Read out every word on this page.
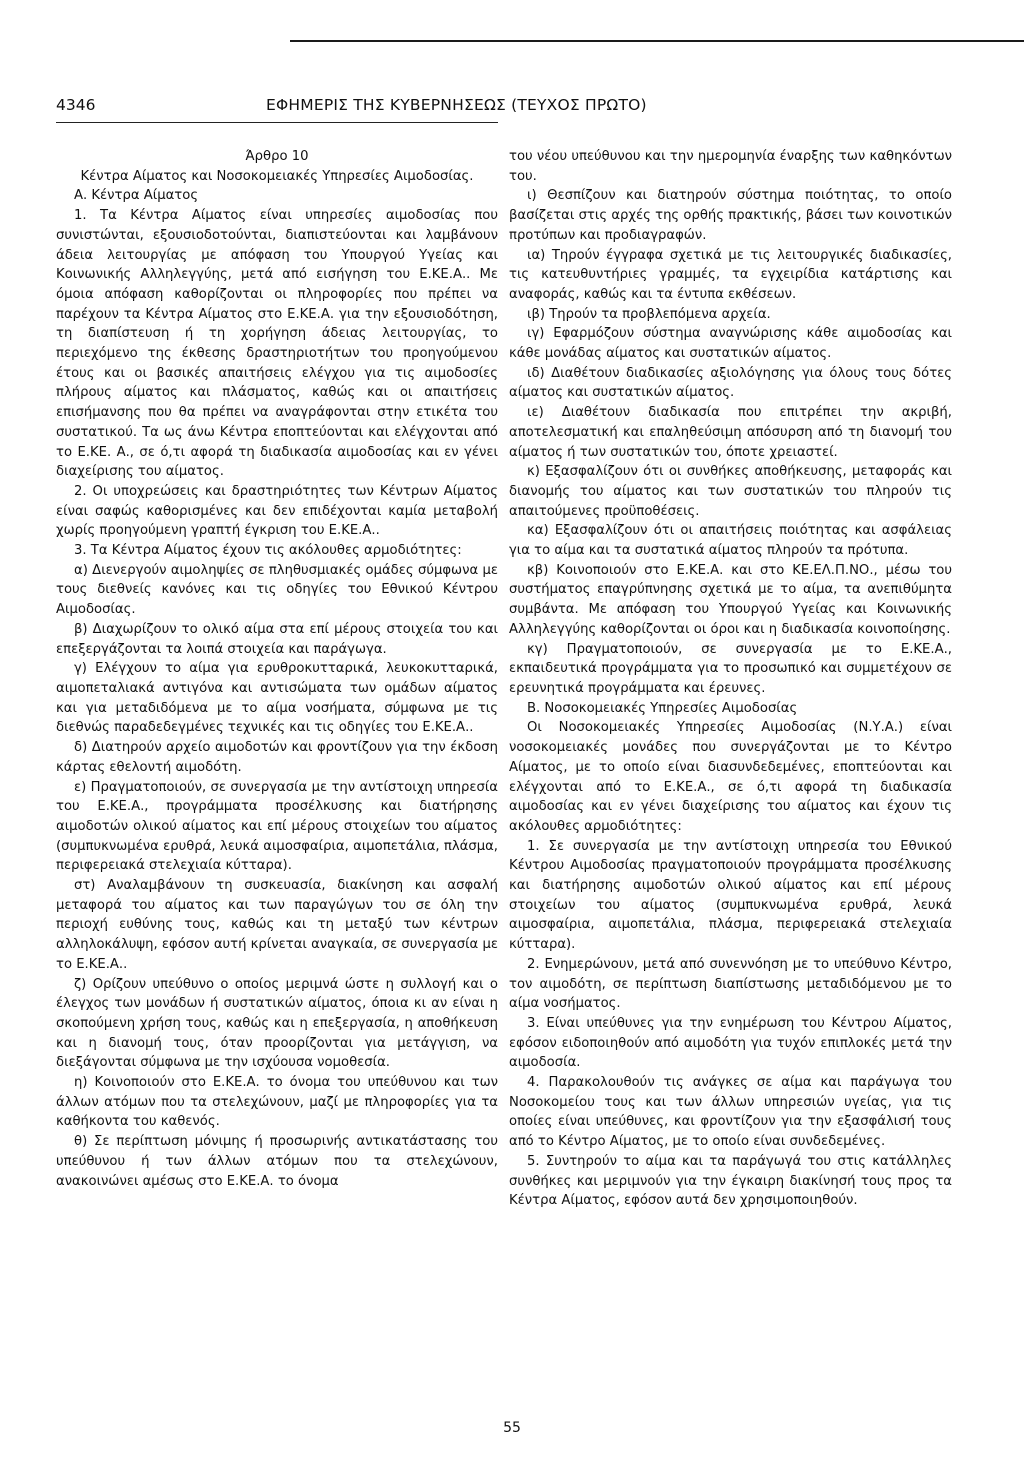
4346	ΕΦΗΜΕΡΙΣ ΤΗΣ ΚΥΒΕΡΝΗΣΕΩΣ (ΤΕΥΧΟΣ ΠΡΩΤΟ)

Άρθρο 10

Κέντρα Αίματος και Νοσοκομειακές Υπηρεσίες Αιμοδοσίας.

Α. Κέντρα Αίματος

1. Τα Κέντρα Αίματος είναι υπηρεσίες αιμοδοσίας που συνιστώνται, εξουσιοδοτούνται, διαπιστεύονται και λαμβάνουν άδεια λειτουργίας με απόφαση του Υπουργού Υγείας και Κοινωνικής Αλληλεγγύης, μετά από εισήγηση του Ε.ΚΕ.Α.. Με όμοια απόφαση καθορίζονται οι πληροφορίες που πρέπει να παρέχουν τα Κέντρα Αίματος στο Ε.ΚΕ.Α. για την εξουσιοδότηση, τη διαπίστευση ή τη χορήγηση άδειας λειτουργίας, το περιεχόμενο της έκθεσης δραστηριοτήτων του προηγούμενου έτους και οι βασικές απαιτήσεις ελέγχου για τις αιμοδοσίες πλήρους αίματος και πλάσματος, καθώς και οι απαιτήσεις επισήμανσης που θα πρέπει να αναγράφονται στην ετικέτα του συστατικού. Τα ως άνω Κέντρα εποπτεύονται και ελέγχονται από το Ε.ΚΕ. Α., σε ό,τι αφορά τη διαδικασία αιμοδοσίας και εν γένει διαχείρισης του αίματος.

2. Οι υποχρεώσεις και δραστηριότητες των Κέντρων Αίματος είναι σαφώς καθορισμένες και δεν επιδέχονται καμία μεταβολή χωρίς προηγούμενη γραπτή έγκριση του Ε.ΚΕ.Α..

3. Τα Κέντρα Αίματος έχουν τις ακόλουθες αρμοδιότητες:

α) Διενεργούν αιμοληψίες σε πληθυσμιακές ομάδες σύμφωνα με τους διεθνείς κανόνες και τις οδηγίες του Εθνικού Κέντρου Αιμοδοσίας.

β) Διαχωρίζουν το ολικό αίμα στα επί μέρους στοιχεία του και επεξεργάζονται τα λοιπά στοιχεία και παράγωγα.

γ) Ελέγχουν το αίμα για ερυθροκυτταρικά, λευκοκυτταρικά, αιμοπεταλιακά αντιγόνα και αντισώματα των ομάδων αίματος και για μεταδιδόμενα με το αίμα νοσήματα, σύμφωνα με τις διεθνώς παραδεδεγμένες τεχνικές και τις οδηγίες του Ε.ΚΕ.Α..

δ) Διατηρούν αρχείο αιμοδοτών και φροντίζουν για την έκδοση κάρτας εθελοντή αιμοδότη.

ε) Πραγματοποιούν, σε συνεργασία με την αντίστοιχη υπηρεσία του Ε.ΚΕ.Α., προγράμματα προσέλκυσης και διατήρησης αιμοδοτών ολικού αίματος και επί μέρους στοιχείων του αίματος (συμπυκνωμένα ερυθρά, λευκά αιμοσφαίρια, αιμοπετάλια, πλάσμα, περιφερειακά στελεχιαία κύτταρα).

στ) Αναλαμβάνουν τη συσκευασία, διακίνηση και ασφαλή μεταφορά του αίματος και των παραγώγων του σε όλη την περιοχή ευθύνης τους, καθώς και τη μεταξύ των κέντρων αλληλοκάλυψη, εφόσον αυτή κρίνεται αναγκαία, σε συνεργασία με το Ε.ΚΕ.Α..

ζ) Ορίζουν υπεύθυνο ο οποίος μεριμνά ώστε η συλλογή και ο έλεγχος των μονάδων ή συστατικών αίματος, όποια κι αν είναι η σκοπούμενη χρήση τους, καθώς και η επεξεργασία, η αποθήκευση και η διανομή τους, όταν προορίζονται για μετάγγιση, να διεξάγονται σύμφωνα με την ισχύουσα νομοθεσία.

η) Κοινοποιούν στο Ε.ΚΕ.Α. το όνομα του υπεύθυνου και των άλλων ατόμων που τα στελεχώνουν, μαζί με πληροφορίες για τα καθήκοντα του καθενός.

θ) Σε περίπτωση μόνιμης ή προσωρινής αντικατάστασης του υπεύθυνου ή των άλλων ατόμων που τα στελεχώνουν, ανακοινώνει αμέσως στο Ε.ΚΕ.Α. το όνομα

του νέου υπεύθυνου και την ημερομηνία έναρξης των καθηκόντων του.

ι) Θεσπίζουν και διατηρούν σύστημα ποιότητας, το οποίο βασίζεται στις αρχές της ορθής πρακτικής, βάσει των κοινοτικών προτύπων και προδιαγραφών.

ια) Τηρούν έγγραφα σχετικά με τις λειτουργικές διαδικασίες, τις κατευθυντήριες γραμμές, τα εγχειρίδια κατάρτισης και αναφοράς, καθώς και τα έντυπα εκθέσεων.

ιβ) Τηρούν τα προβλεπόμενα αρχεία.

ιγ) Εφαρμόζουν σύστημα αναγνώρισης κάθε αιμοδοσίας και κάθε μονάδας αίματος και συστατικών αίματος.

ιδ) Διαθέτουν διαδικασίες αξιολόγησης για όλους τους δότες αίματος και συστατικών αίματος.

ιε) Διαθέτουν διαδικασία που επιτρέπει την ακριβή, αποτελεσματική και επαληθεύσιμη απόσυρση από τη διανομή του αίματος ή των συστατικών του, όποτε χρειαστεί.

κ) Εξασφαλίζουν ότι οι συνθήκες αποθήκευσης, μεταφοράς και διανομής του αίματος και των συστατικών του πληρούν τις απαιτούμενες προϋποθέσεις.

κα) Εξασφαλίζουν ότι οι απαιτήσεις ποιότητας και ασφάλειας για το αίμα και τα συστατικά αίματος πληρούν τα πρότυπα.

κβ) Κοινοποιούν στο Ε.ΚΕ.Α. και στο ΚΕ.ΕΛ.Π.ΝΟ., μέσω του συστήματος επαγρύπνησης σχετικά με το αίμα, τα ανεπιθύμητα συμβάντα. Με απόφαση του Υπουργού Υγείας και Κοινωνικής Αλληλεγγύης καθορίζονται οι όροι και η διαδικασία κοινοποίησης.

κγ) Πραγματοποιούν, σε συνεργασία με το Ε.ΚΕ.Α., εκπαιδευτικά προγράμματα για το προσωπικό και συμμετέχουν σε ερευνητικά προγράμματα και έρευνες.

Β. Νοσοκομειακές Υπηρεσίες Αιμοδοσίας

Οι Νοσοκομειακές Υπηρεσίες Αιμοδοσίας (Ν.Υ.Α.) είναι νοσοκομειακές μονάδες που συνεργάζονται με το Κέντρο Αίματος, με το οποίο είναι διασυνδεδεμένες, εποπτεύονται και ελέγχονται από το Ε.ΚΕ.Α., σε ό,τι αφορά τη διαδικασία αιμοδοσίας και εν γένει διαχείρισης του αίματος και έχουν τις ακόλουθες αρμοδιότητες:

1. Σε συνεργασία με την αντίστοιχη υπηρεσία του Εθνικού Κέντρου Αιμοδοσίας πραγματοποιούν προγράμματα προσέλκυσης και διατήρησης αιμοδοτών ολικού αίματος και επί μέρους στοιχείων του αίματος (συμπυκνωμένα ερυθρά, λευκά αιμοσφαίρια, αιμοπετάλια, πλάσμα, περιφερειακά στελεχιαία κύτταρα).

2. Ενημερώνουν, μετά από συνεννόηση με το υπεύθυνο Κέντρο, τον αιμοδότη, σε περίπτωση διαπίστωσης μεταδιδόμενου με το αίμα νοσήματος.

3. Είναι υπεύθυνες για την ενημέρωση του Κέντρου Αίματος, εφόσον ειδοποιηθούν από αιμοδότη για τυχόν επιπλοκές μετά την αιμοδοσία.

4. Παρακολουθούν τις ανάγκες σε αίμα και παράγωγα του Νοσοκομείου τους και των άλλων υπηρεσιών υγείας, για τις οποίες είναι υπεύθυνες, και φροντίζουν για την εξασφάλισή τους από το Κέντρο Αίματος, με το οποίο είναι συνδεδεμένες.

5. Συντηρούν το αίμα και τα παράγωγά του στις κατάλληλες συνθήκες και μεριμνούν για την έγκαιρη διακίνησή τους προς τα Κέντρα Αίματος, εφόσον αυτά δεν χρησιμοποιηθούν.

55
